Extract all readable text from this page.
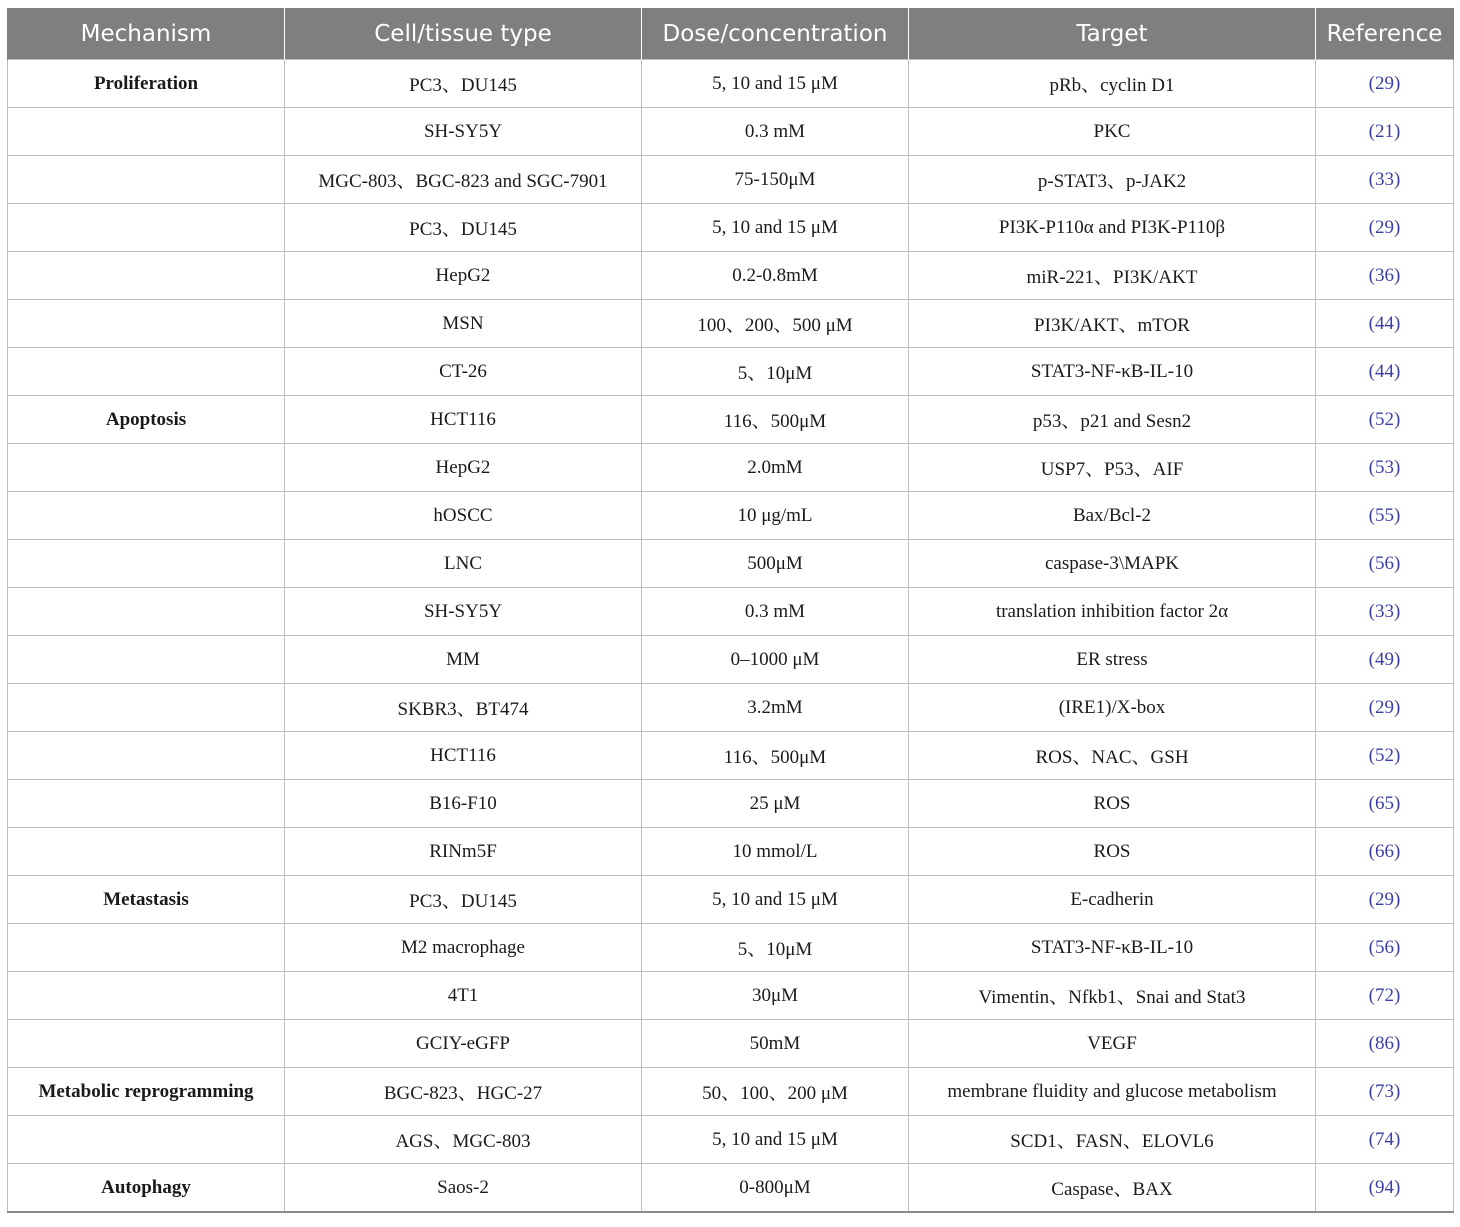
Mechanism	Cell/tissue type	Dose/concentration	Target	Reference
Proliferation	PC3、DU145	5, 10 and 15 μM	pRb、cyclin D1	(29)
	SH-SY5Y	0.3 mM	PKC	(21)
	MGC-803、BGC-823 and SGC-7901	75-150μM	p-STAT3、p-JAK2	(33)
	PC3、DU145	5, 10 and 15 μM	PI3K-P110α and PI3K-P110β	(29)
	HepG2	0.2-0.8mM	miR-221、PI3K/AKT	(36)
	MSN	100、200、500 μM	PI3K/AKT、mTOR	(44)
	CT-26	5、10μM	STAT3-NF-κB-IL-10	(44)
Apoptosis	HCT116	116、500μM	p53、p21 and Sesn2	(52)
	HepG2	2.0mM	USP7、P53、AIF	(53)
	hOSCC	10 μg/mL	Bax/Bcl-2	(55)
	LNC	500μM	caspase-3\MAPK	(56)
	SH-SY5Y	0.3 mM	translation inhibition factor 2α	(33)
	MM	0–1000 μM	ER stress	(49)
	SKBR3、BT474	3.2mM	(IRE1)/X-box	(29)
	HCT116	116、500μM	ROS、NAC、GSH	(52)
	B16-F10	25 μM	ROS	(65)
	RINm5F	10 mmol/L	ROS	(66)
Metastasis	PC3、DU145	5, 10 and 15 μM	E-cadherin	(29)
	M2 macrophage	5、10μM	STAT3-NF-κB-IL-10	(56)
	4T1	30μM	Vimentin、Nfkb1、Snai and Stat3	(72)
	GCIY-eGFP	50mM	VEGF	(86)
Metabolic reprogramming	BGC-823、HGC-27	50、100、200 μM	membrane fluidity and glucose metabolism	(73)
	AGS、MGC-803	5, 10 and 15 μM	SCD1、FASN、ELOVL6	(74)
Autophagy	Saos-2	0-800μM	Caspase、BAX	(94)
